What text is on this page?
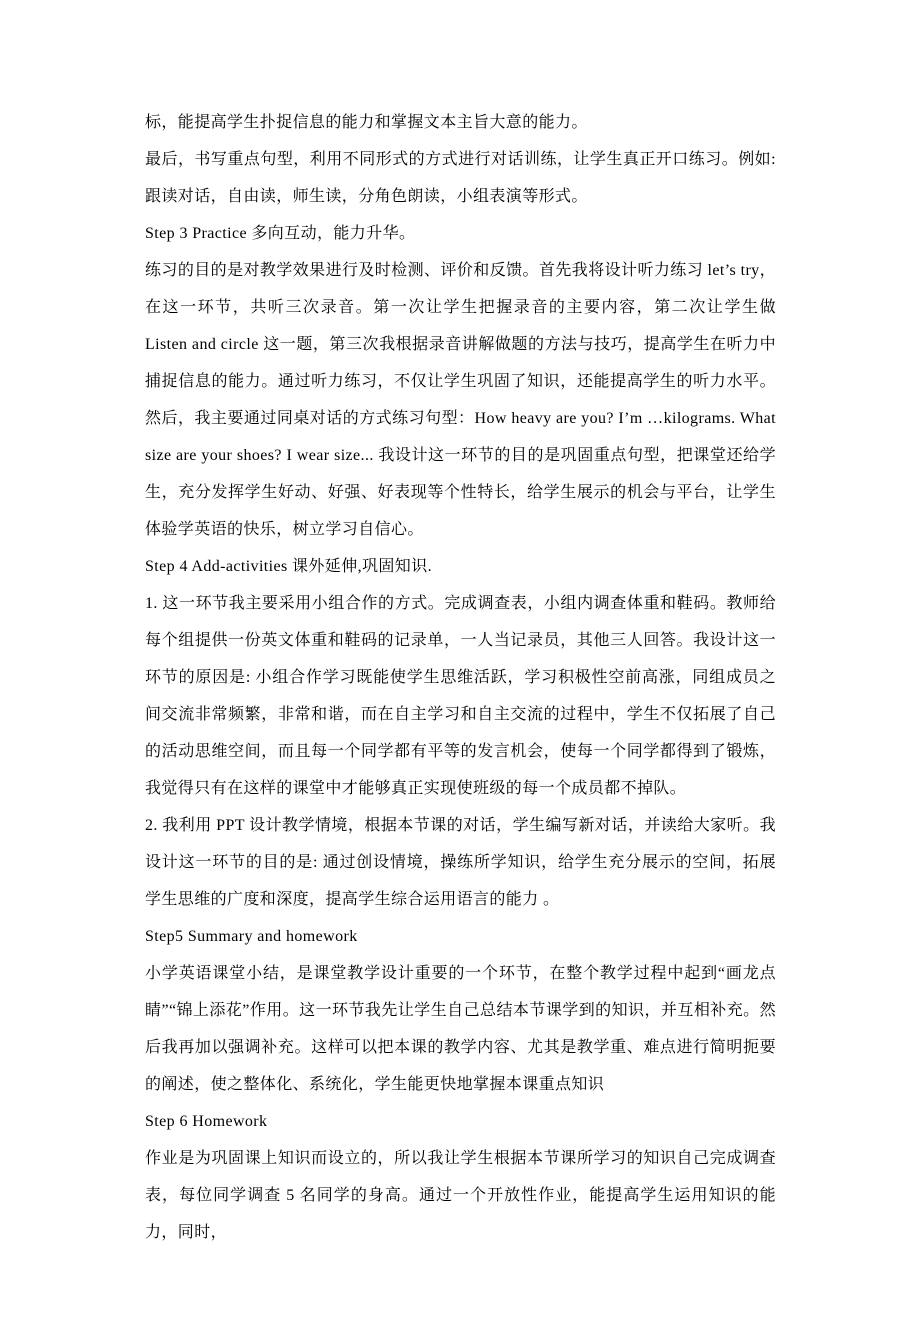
标，能提高学生扑捉信息的能力和掌握文本主旨大意的能力。

最后，书写重点句型，利用不同形式的方式进行对话训练，让学生真正开口练习。例如: 跟读对话，自由读，师生读，分角色朗读，小组表演等形式。

Step 3 Practice 多向互动，能力升华。

练习的目的是对教学效果进行及时检测、评价和反馈。首先我将设计听力练习 let’s try，在这一环节，共听三次录音。第一次让学生把握录音的主要内容，第二次让学生做 Listen and circle 这一题，第三次我根据录音讲解做题的方法与技巧，提高学生在听力中捕捉信息的能力。通过听力练习，不仅让学生巩固了知识，还能提高学生的听力水平。然后，我主要通过同桌对话的方式练习句型：How heavy are you? I’m …kilograms. What size are your shoes? I wear size... 我设计这一环节的目的是巩固重点句型，把课堂还给学生，充分发挥学生好动、好强、好表现等个性特长，给学生展示的机会与平台，让学生体验学英语的快乐，树立学习自信心。

Step 4 Add-activities 课外延伸,巩固知识.

1. 这一环节我主要采用小组合作的方式。完成调查表，小组内调查体重和鞋码。教师给每个组提供一份英文体重和鞋码的记录单，一人当记录员，其他三人回答。我设计这一环节的原因是: 小组合作学习既能使学生思维活跃，学习积极性空前高涨，同组成员之间交流非常频繁，非常和谐，而在自主学习和自主交流的过程中，学生不仅拓展了自己的活动思维空间，而且每一个同学都有平等的发言机会，使每一个同学都得到了锻炼，我觉得只有在这样的课堂中才能够真正实现使班级的每一个成员都不掉队。

2. 我利用 PPT 设计教学情境，根据本节课的对话，学生编写新对话，并读给大家听。我设计这一环节的目的是: 通过创设情境，操练所学知识，给学生充分展示的空间，拓展学生思维的广度和深度，提高学生综合运用语言的能力 。

Step5 Summary and homework

小学英语课堂小结，是课堂教学设计重要的一个环节，在整个教学过程中起到“画龙点睛”“锦上添花”作用。这一环节我先让学生自己总结本节课学到的知识，并互相补充。然后我再加以强调补充。这样可以把本课的教学内容、尤其是教学重、难点进行简明扼要的阐述，使之整体化、系统化，学生能更快地掌握本课重点知识

Step 6 Homework

作业是为巩固课上知识而设立的，所以我让学生根据本节课所学习的知识自己完成调查表，每位同学调查 5 名同学的身高。通过一个开放性作业，能提高学生运用知识的能力，同时，
